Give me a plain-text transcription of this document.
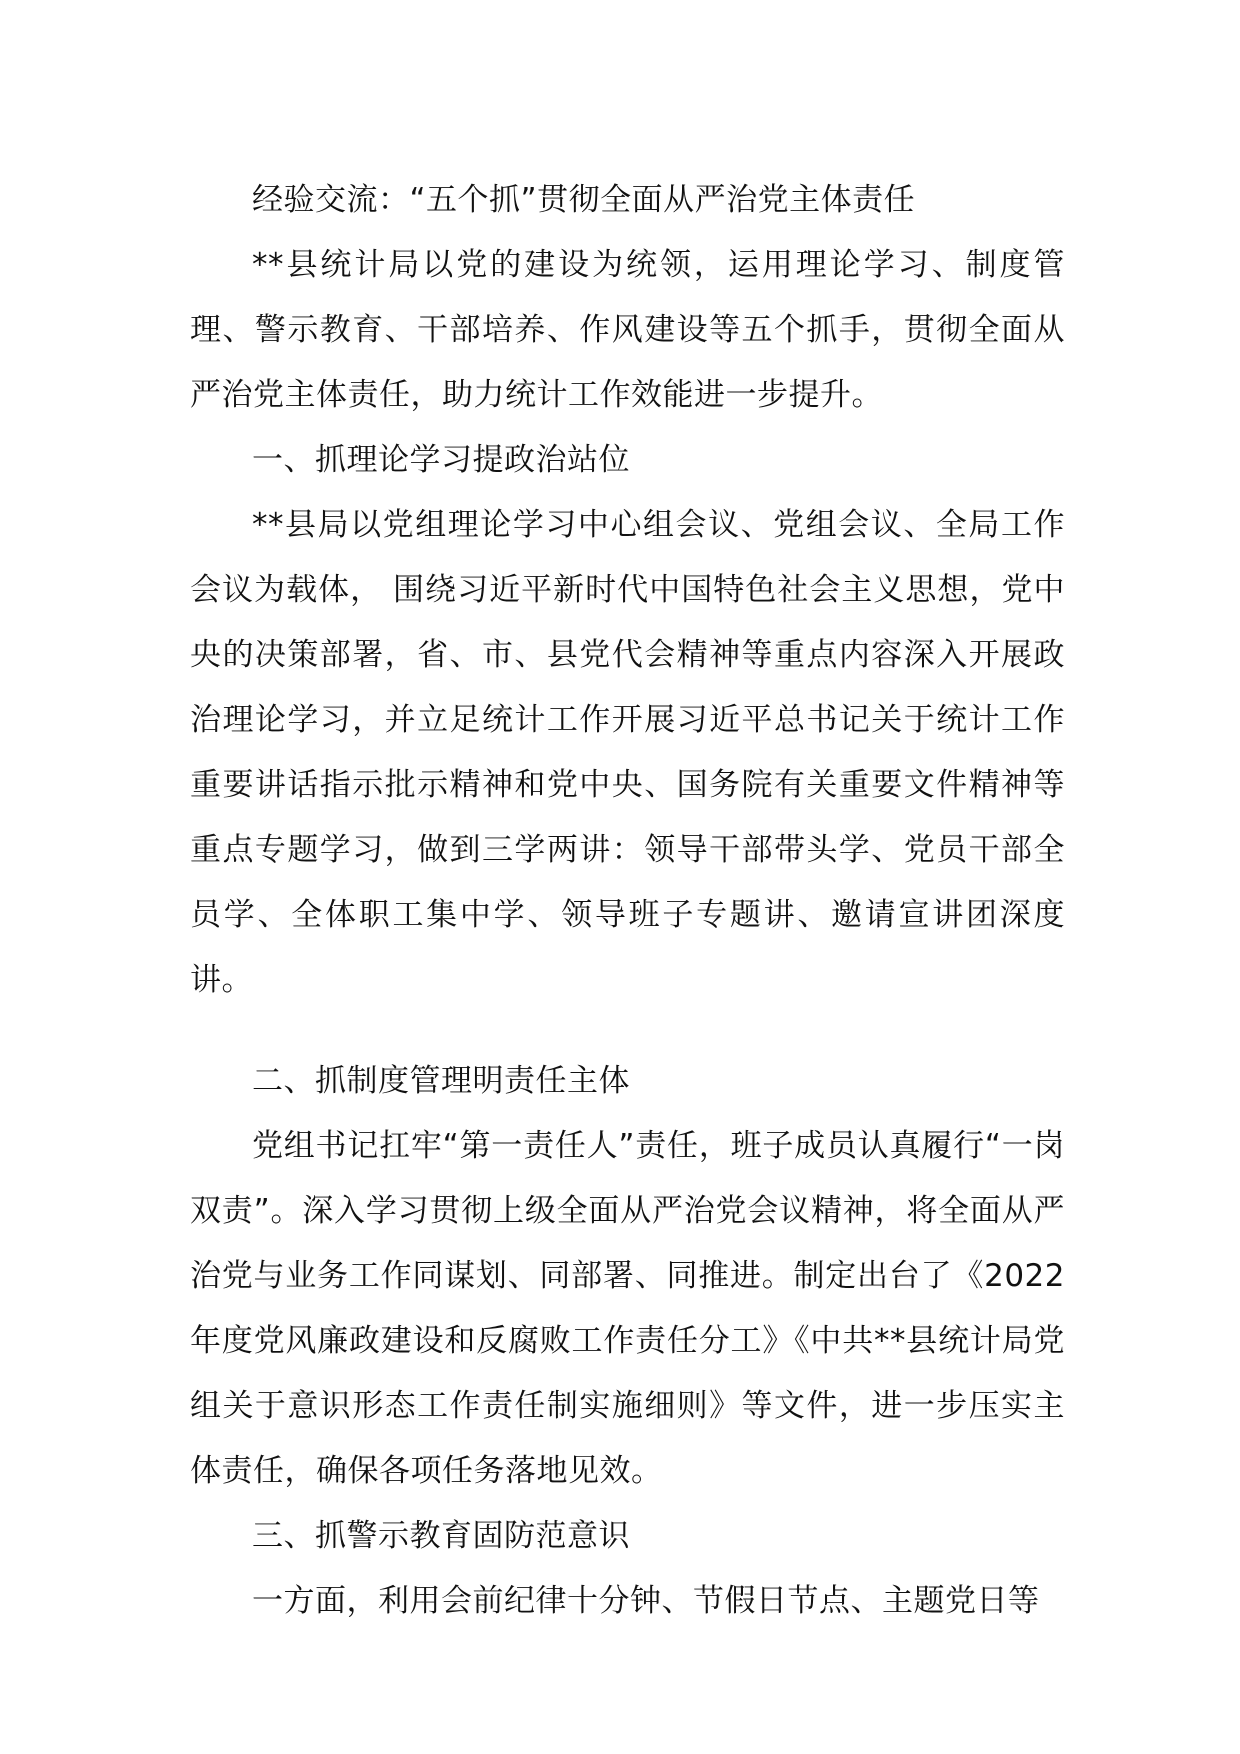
经验交流：“五个抓”贯彻全面从严治党主体责任

**县统计局以党的建设为统领，运用理论学习、制度管理、警示教育、干部培养、作风建设等五个抓手，贯彻全面从严治党主体责任，助力统计工作效能进一步提升。

一、抓理论学习提政治站位

**县局以党组理论学习中心组会议、党组会议、全局工作会议为载体， 围绕习近平新时代中国特色社会主义思想，党中央的决策部署，省、市、县党代会精神等重点内容深入开展政治理论学习，并立足统计工作开展习近平总书记关于统计工作重要讲话指示批示精神和党中央、国务院有关重要文件精神等重点专题学习，做到三学两讲：领导干部带头学、党员干部全员学、全体职工集中学、领导班子专题讲、邀请宣讲团深度讲。

二、抓制度管理明责任主体

党组书记扛牢“第一责任人”责任，班子成员认真履行“一岗双责”。深入学习贯彻上级全面从严治党会议精神，将全面从严治党与业务工作同谋划、同部署、同推进。制定出台了《2022年度党风廉政建设和反腐败工作责任分工》《中共**县统计局党组关于意识形态工作责任制实施细则》等文件，进一步压实主体责任，确保各项任务落地见效。

三、抓警示教育固防范意识

一方面，利用会前纪律十分钟、节假日节点、主题党日等
